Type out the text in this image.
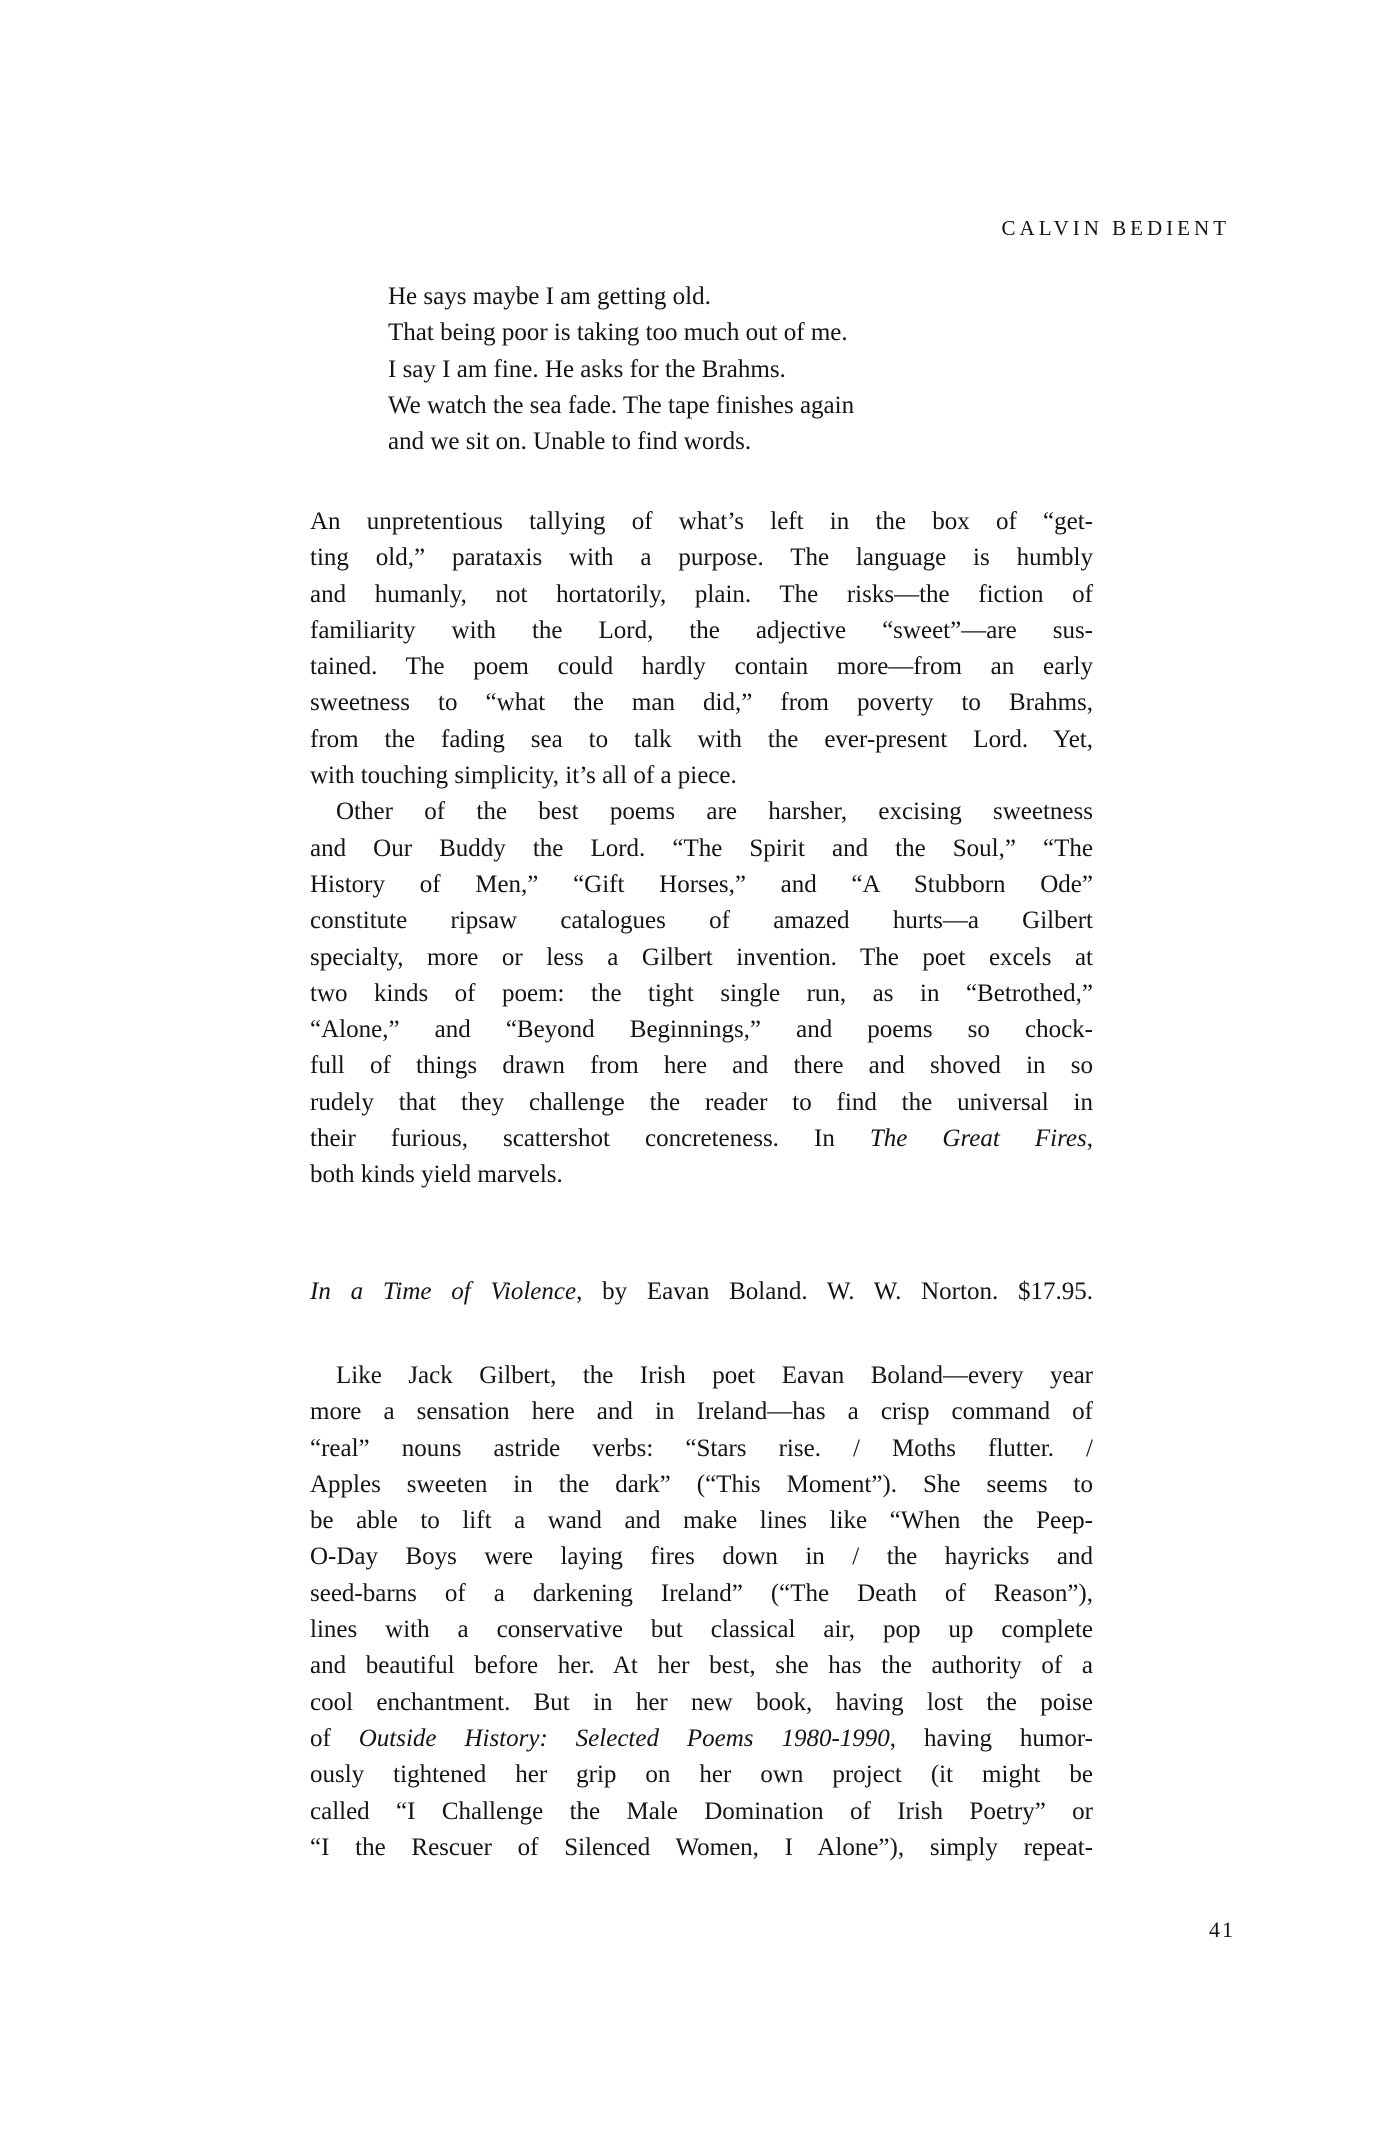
CALVIN BEDIENT
He says maybe I am getting old.
That being poor is taking too much out of me.
I say I am fine. He asks for the Brahms.
We watch the sea fade. The tape finishes again
and we sit on. Unable to find words.
An unpretentious tallying of what’s left in the box of “get-
ting old,” parataxis with a purpose. The language is humbly
and humanly, not hortatorily, plain. The risks—the fiction of
familiarity with the Lord, the adjective “sweet”—are sus-
tained. The poem could hardly contain more—from an early
sweetness to “what the man did,” from poverty to Brahms,
from the fading sea to talk with the ever-present Lord. Yet,
with touching simplicity, it’s all of a piece.
Other of the best poems are harsher, excising sweetness
and Our Buddy the Lord. “The Spirit and the Soul,” “The
History of Men,” “Gift Horses,” and “A Stubborn Ode”
constitute ripsaw catalogues of amazed hurts—a Gilbert
specialty, more or less a Gilbert invention. The poet excels at
two kinds of poem: the tight single run, as in “Betrothed,”
“Alone,” and “Beyond Beginnings,” and poems so chock-
full of things drawn from here and there and shoved in so
rudely that they challenge the reader to find the universal in
their furious, scattershot concreteness. In The Great Fires,
both kinds yield marvels.
In a Time of Violence, by Eavan Boland. W. W. Norton. $17.95.
Like Jack Gilbert, the Irish poet Eavan Boland—every year
more a sensation here and in Ireland—has a crisp command of
“real” nouns astride verbs: “Stars rise. / Moths flutter. /
Apples sweeten in the dark” (“This Moment”). She seems to
be able to lift a wand and make lines like “When the Peep-
O-Day Boys were laying fires down in / the hayricks and
seed-barns of a darkening Ireland” (“The Death of Reason”),
lines with a conservative but classical air, pop up complete
and beautiful before her. At her best, she has the authority of a
cool enchantment. But in her new book, having lost the poise
of Outside History: Selected Poems 1980-1990, having humor-
ously tightened her grip on her own project (it might be
called “I Challenge the Male Domination of Irish Poetry” or
“I the Rescuer of Silenced Women, I Alone”), simply repeat-
41
